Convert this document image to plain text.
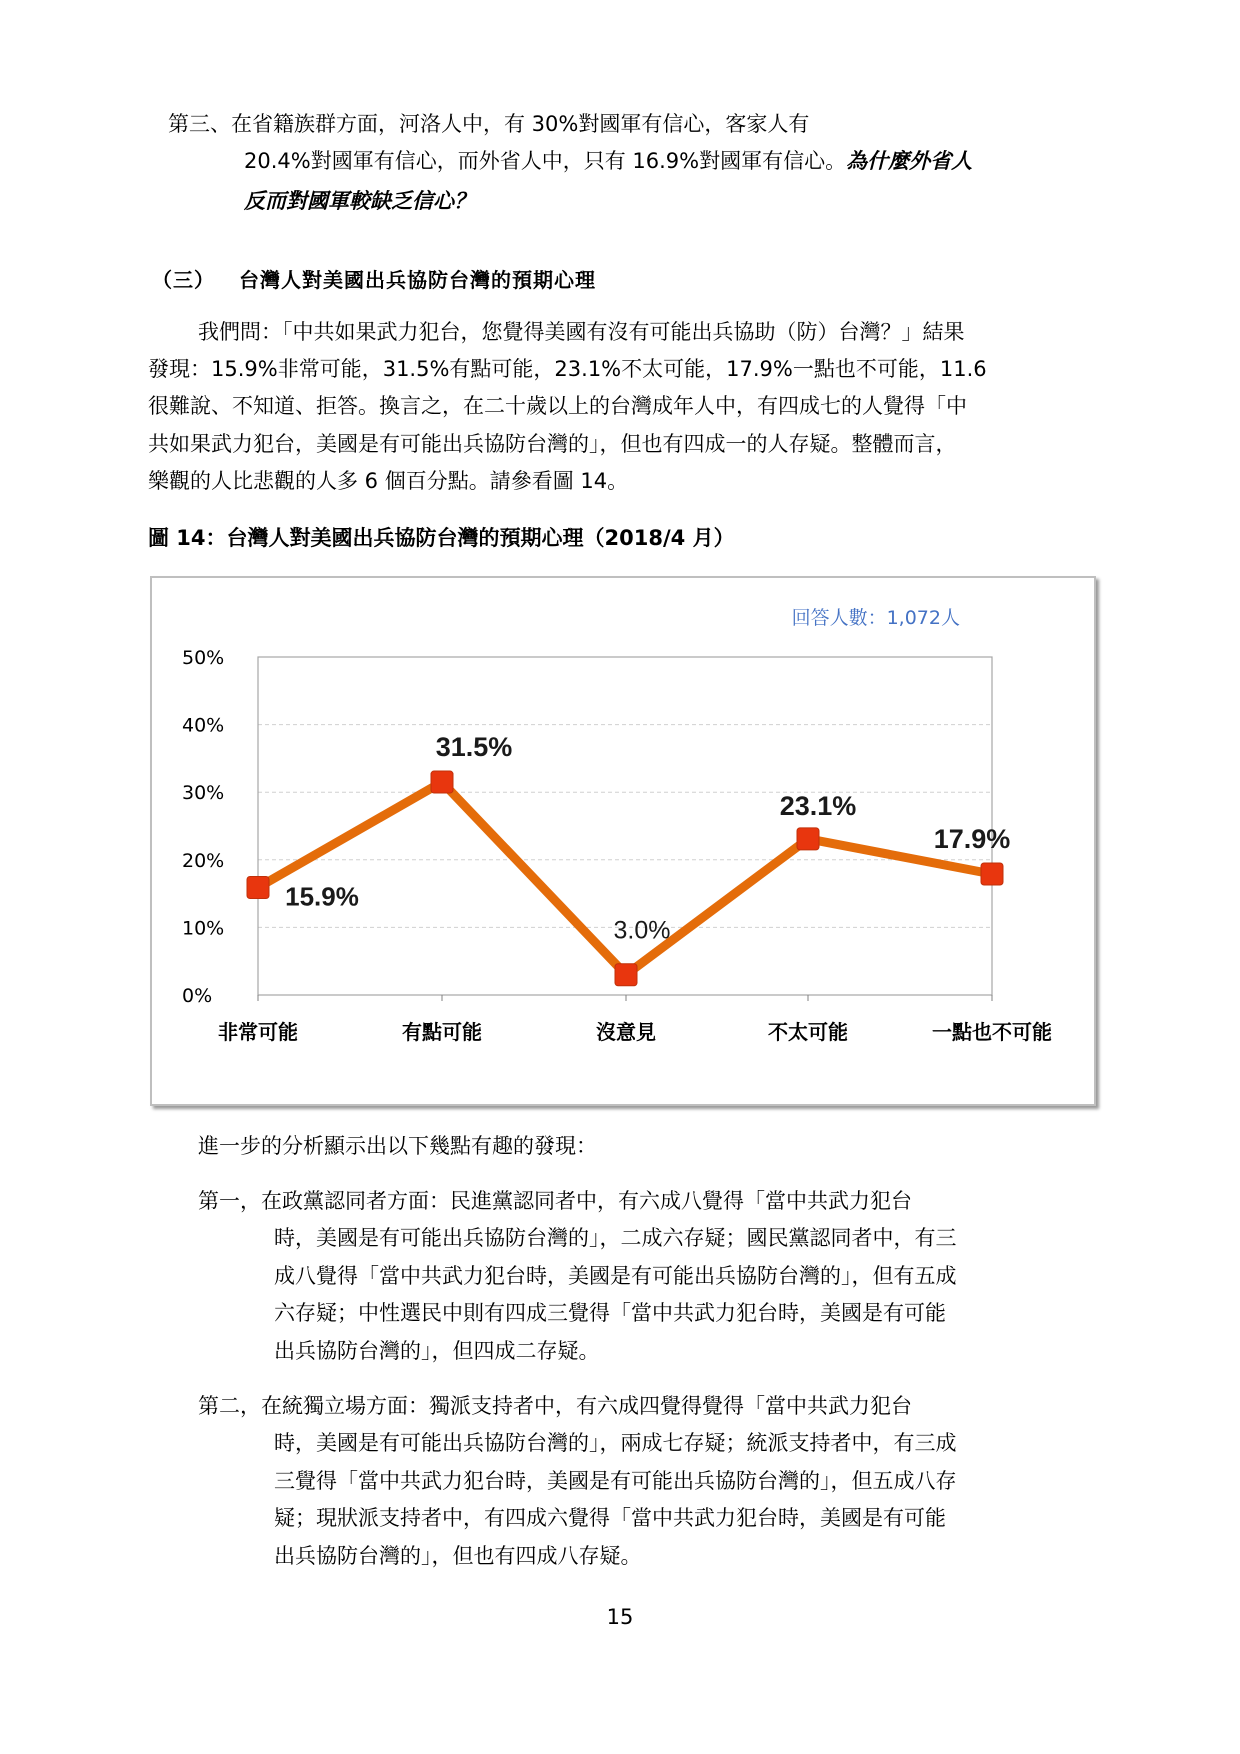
第三、在省籍族群方面，河洛人中，有 30%對國軍有信心，客家人有
20.4%對國軍有信心，而外省人中，只有 16.9%對國軍有信心。為什麼外省人
反而對國軍較缺乏信心？
（三） 台灣人對美國出兵協防台灣的預期心理
我們問：「中共如果武力犯台，您覺得美國有沒有可能出兵協助（防）台灣？」結果
發現：15.9%非常可能，31.5%有點可能，23.1%不太可能，17.9%一點也不可能，11.6
很難說、不知道、拒答。換言之，在二十歲以上的台灣成年人中，有四成七的人覺得「中
共如果武力犯台，美國是有可能出兵協防台灣的」，但也有四成一的人存疑。整體而言，
樂觀的人比悲觀的人多 6 個百分點。請參看圖 14。
圖 14：台灣人對美國出兵協防台灣的預期心理（2018/4 月）
0%
10%
20%
30%
40%
50%
非常可能	有點可能	沒意見	不太可能	一點也不可能
15.9%
31.5%
3.0%
23.1%
17.9%
回答人數：1,072人
進一步的分析顯示出以下幾點有趣的發現：
第一，在政黨認同者方面：民進黨認同者中，有六成八覺得「當中共武力犯台
時，美國是有可能出兵協防台灣的」，二成六存疑；國民黨認同者中，有三
成八覺得「當中共武力犯台時，美國是有可能出兵協防台灣的」，但有五成
六存疑；中性選民中則有四成三覺得「當中共武力犯台時，美國是有可能
出兵協防台灣的」，但四成二存疑。
第二，在統獨立場方面：獨派支持者中，有六成四覺得覺得「當中共武力犯台
時，美國是有可能出兵協防台灣的」，兩成七存疑；統派支持者中，有三成
三覺得「當中共武力犯台時，美國是有可能出兵協防台灣的」，但五成八存
疑；現狀派支持者中，有四成六覺得「當中共武力犯台時，美國是有可能
出兵協防台灣的」，但也有四成八存疑。
15
